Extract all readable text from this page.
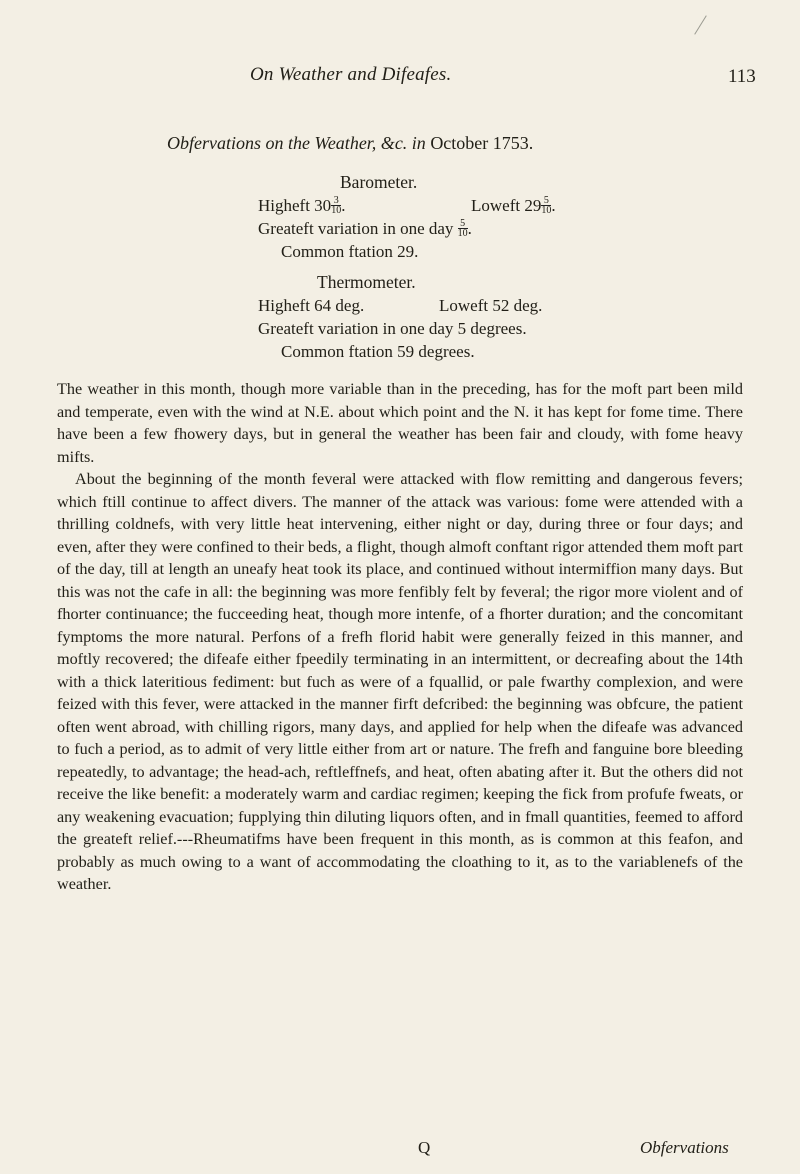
On Weather and Difeafes.	113
Obfervations on the Weather, &c. in October 1753.
Barometer.
Higheft $30 \frac{3}{10}$ .	Loweft $29 \frac{5}{10}$ .
Greateft variation in one day $\frac{5}{10}$ .
Common ftation 29.
Thermometer.
Higheft 64 deg.	Loweft 52 deg.
Greateft variation in one day 5 degrees.
Common ftation 59 degrees.

The weather in this month, though more variable than in the preceding, has for the moft part been mild and temperate, even with the wind at N.E. about which point and the N. it has kept for fome time. There have been a few fhowery days, but in general the weather has been fair and cloudy, with fome heavy mifts.

About the beginning of the month feveral were attacked with flow remitting and dangerous fevers; which ftill continue to affect divers. The manner of the attack was various: fome were attended with a thrilling coldnefs, with very little heat intervening, either night or day, during three or four days; and even, after they were confined to their beds, a flight, though almoft conftant rigor attended them moft part of the day, till at length an uneafy heat took its place, and continued without intermiffion many days. But this was not the cafe in all: the beginning was more fenfibly felt by feveral; the rigor more violent and of fhorter continuance; the fucceeding heat, though more intenfe, of a fhorter duration; and the concomitant fymptoms the more natural. Perfons of a frefh florid habit were generally feized in this manner, and moftly recovered; the difeafe either fpeedily terminating in an intermittent, or decreafing about the 14th with a thick lateritious fediment: but fuch as were of a fquallid, or pale fwarthy complexion, and were feized with this fever, were attacked in the manner firft defcribed: the beginning was obfcure, the patient often went abroad, with chilling rigors, many days, and applied for help when the difeafe was advanced to fuch a period, as to admit of very little either from art or nature. The frefh and fanguine bore bleeding repeatedly, to advantage; the head-ach, reftleffnefs, and heat, often abating after it. But the others did not receive the like benefit: a moderately warm and cardiac regimen; keeping the fick from profufe fweats, or any weakening evacuation; fupplying thin diluting liquors often, and in fmall quantities, feemed to afford the greateft relief.---Rheumatifms have been frequent in this month, as is common at this feafon, and probably as much owing to a want of accommodating the cloathing to it, as to the variablenefs of the weather.

Q	Obfervations
